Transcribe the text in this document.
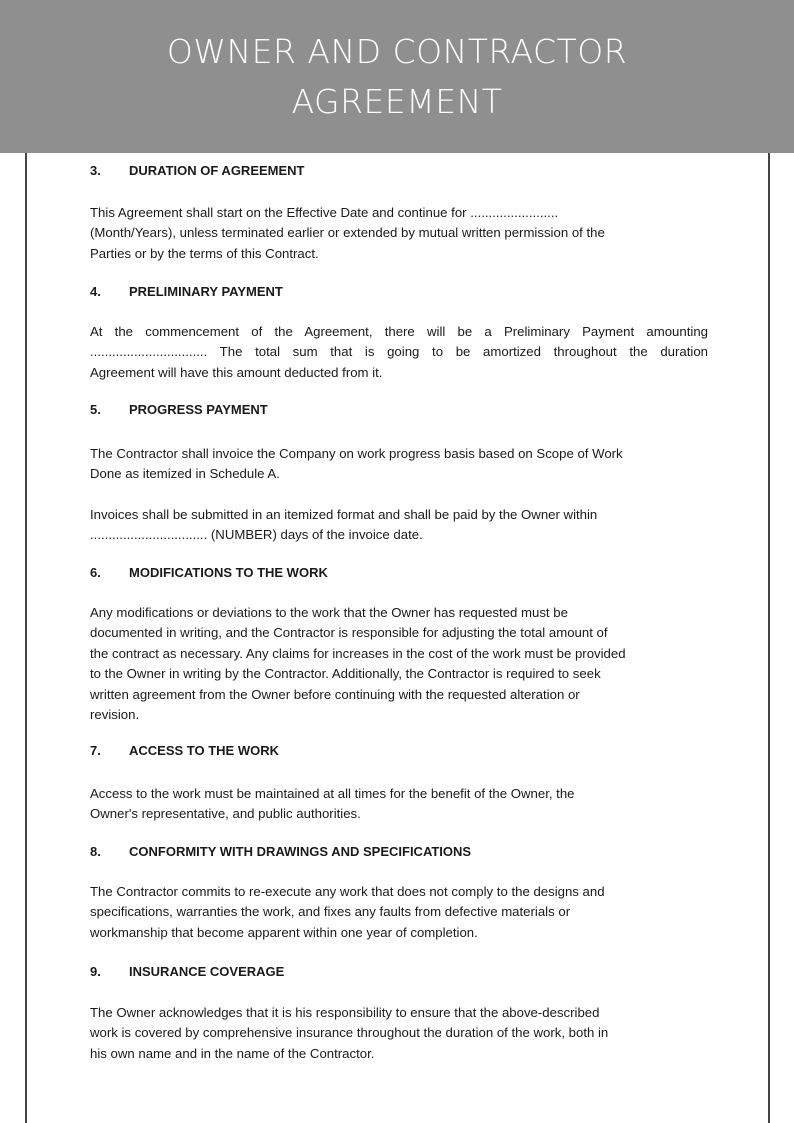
OWNER AND CONTRACTOR
AGREEMENT
3. DURATION OF AGREEMENT
This Agreement shall start on the Effective Date and continue for ........................
(Month/Years), unless terminated earlier or extended by mutual written permission of the
Parties or by the terms of this Contract.
4. PRELIMINARY PAYMENT
At the commencement of the Agreement, there will be a Preliminary Payment amounting
................................ The total sum that is going to be amortized throughout the duration
Agreement will have this amount deducted from it.
5. PROGRESS PAYMENT
The Contractor shall invoice the Company on work progress basis based on Scope of Work
Done as itemized in Schedule A.
Invoices shall be submitted in an itemized format and shall be paid by the Owner within
................................ (NUMBER) days of the invoice date.
6. MODIFICATIONS TO THE WORK
Any modifications or deviations to the work that the Owner has requested must be
documented in writing, and the Contractor is responsible for adjusting the total amount of
the contract as necessary. Any claims for increases in the cost of the work must be provided
to the Owner in writing by the Contractor. Additionally, the Contractor is required to seek
written agreement from the Owner before continuing with the requested alteration or
revision.
7. ACCESS TO THE WORK
Access to the work must be maintained at all times for the benefit of the Owner, the
Owner's representative, and public authorities.
8. CONFORMITY WITH DRAWINGS AND SPECIFICATIONS
The Contractor commits to re-execute any work that does not comply to the designs and
specifications, warranties the work, and fixes any faults from defective materials or
workmanship that become apparent within one year of completion.
9. INSURANCE COVERAGE
The Owner acknowledges that it is his responsibility to ensure that the above-described
work is covered by comprehensive insurance throughout the duration of the work, both in
his own name and in the name of the Contractor.
